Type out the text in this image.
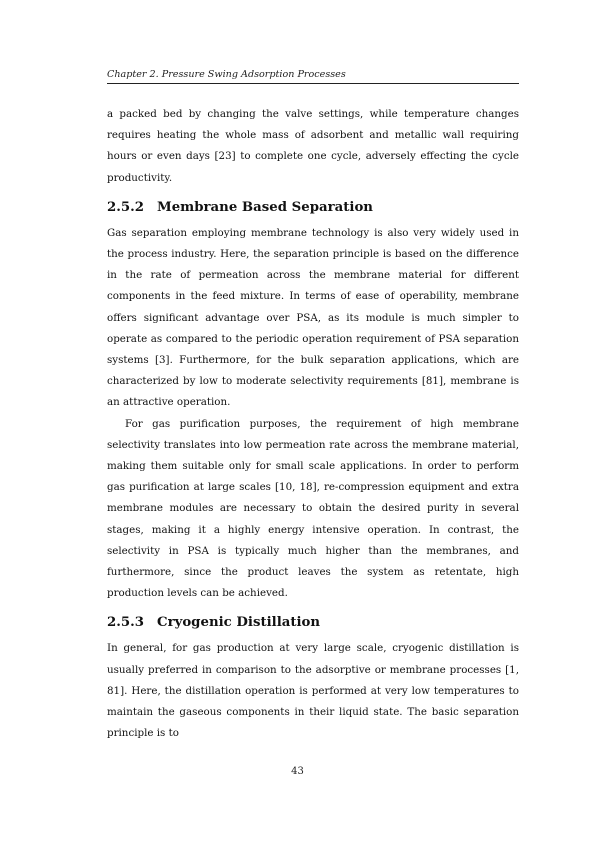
Chapter 2. Pressure Swing Adsorption Processes

a packed bed by changing the valve settings, while temperature changes requires heating the whole mass of adsorbent and metallic wall requiring hours or even days [23] to complete one cycle, adversely effecting the cycle productivity.

2.5.2 Membrane Based Separation

Gas separation employing membrane technology is also very widely used in the process industry. Here, the separation principle is based on the difference in the rate of permeation across the membrane material for different components in the feed mixture. In terms of ease of operability, membrane offers significant advantage over PSA, as its module is much simpler to operate as compared to the periodic operation requirement of PSA separation systems [3]. Furthermore, for the bulk separation applications, which are characterized by low to moderate selectivity requirements [81], membrane is an attractive operation.

For gas purification purposes, the requirement of high membrane selectivity translates into low permeation rate across the membrane material, making them suitable only for small scale applications. In order to perform gas purification at large scales [10, 18], re-compression equipment and extra membrane modules are necessary to obtain the desired purity in several stages, making it a highly energy intensive operation. In contrast, the selectivity in PSA is typically much higher than the membranes, and furthermore, since the product leaves the system as retentate, high production levels can be achieved.

2.5.3 Cryogenic Distillation

In general, for gas production at very large scale, cryogenic distillation is usually preferred in comparison to the adsorptive or membrane processes [1, 81]. Here, the distillation operation is performed at very low temperatures to maintain the gaseous components in their liquid state. The basic separation principle is to

43
